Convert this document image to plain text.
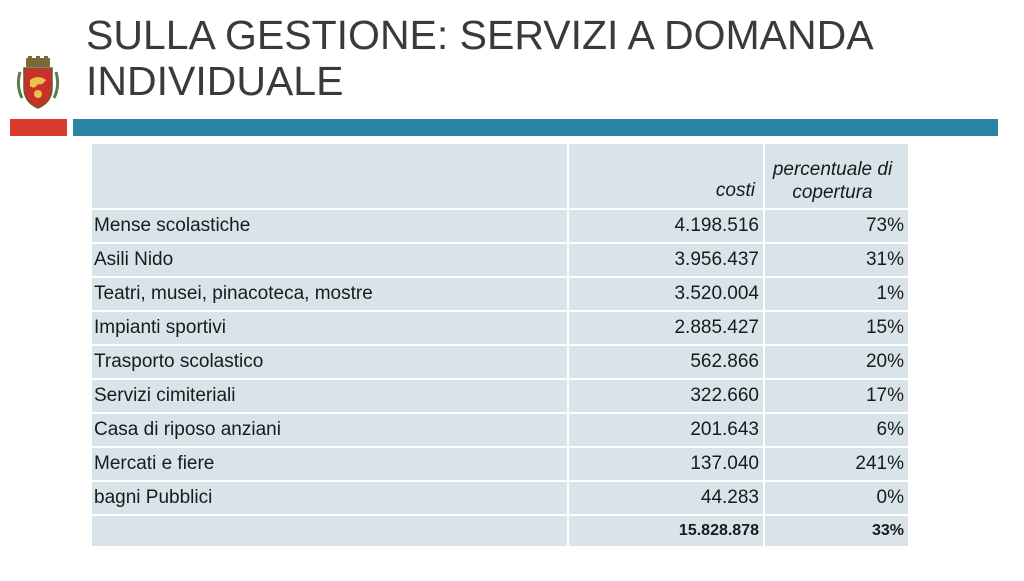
SULLA GESTIONE: SERVIZI A DOMANDA
INDIVIDUALE
	costi	percentuale di
copertura

Mense scolastiche	4.198.516	73%
Asili Nido	3.956.437	31%
Teatri, musei, pinacoteca, mostre	3.520.004	1%
Impianti sportivi	2.885.427	15%
Trasporto scolastico	562.866	20%
Servizi cimiteriali	322.660	17%
Casa di riposo anziani	201.643	6%
Mercati e fiere	137.040	241%
bagni Pubblici	44.283	0%
	15.828.878	33%
